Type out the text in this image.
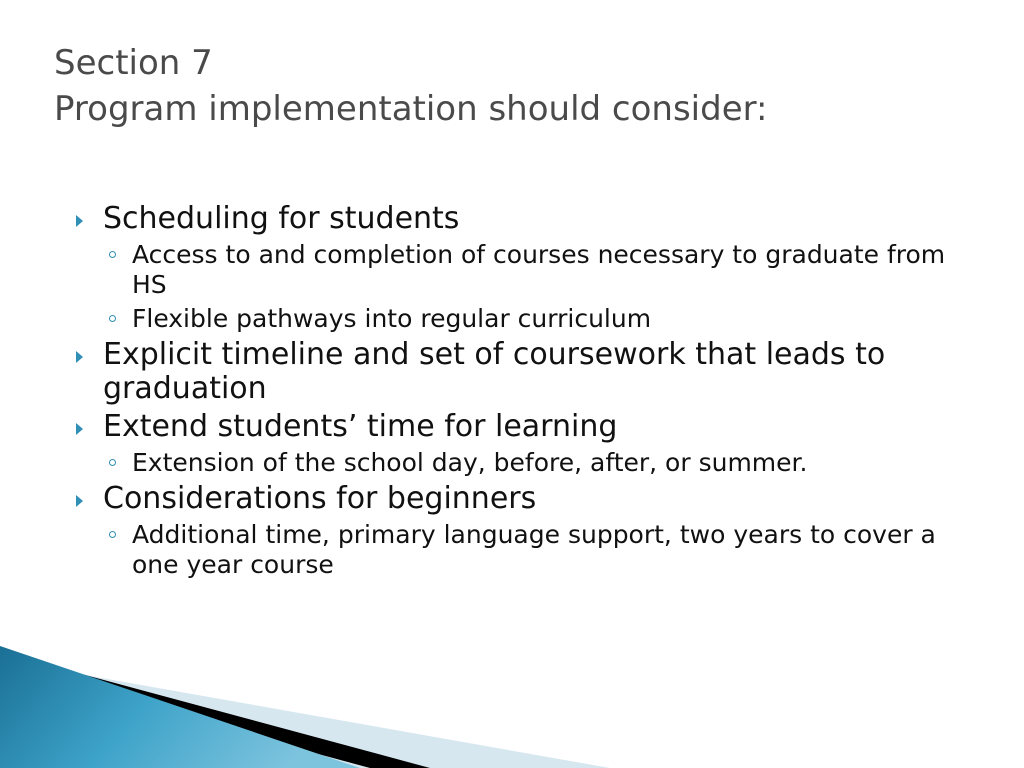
Section 7
Program implementation should consider:
Scheduling for students
Access to and completion of courses necessary to graduate from HS
Flexible pathways into regular curriculum
Explicit timeline and set of coursework that leads to graduation
Extend students’ time for learning
Extension of the school day, before, after, or summer.
Considerations for beginners
Additional time, primary language support, two years to cover a one year course
